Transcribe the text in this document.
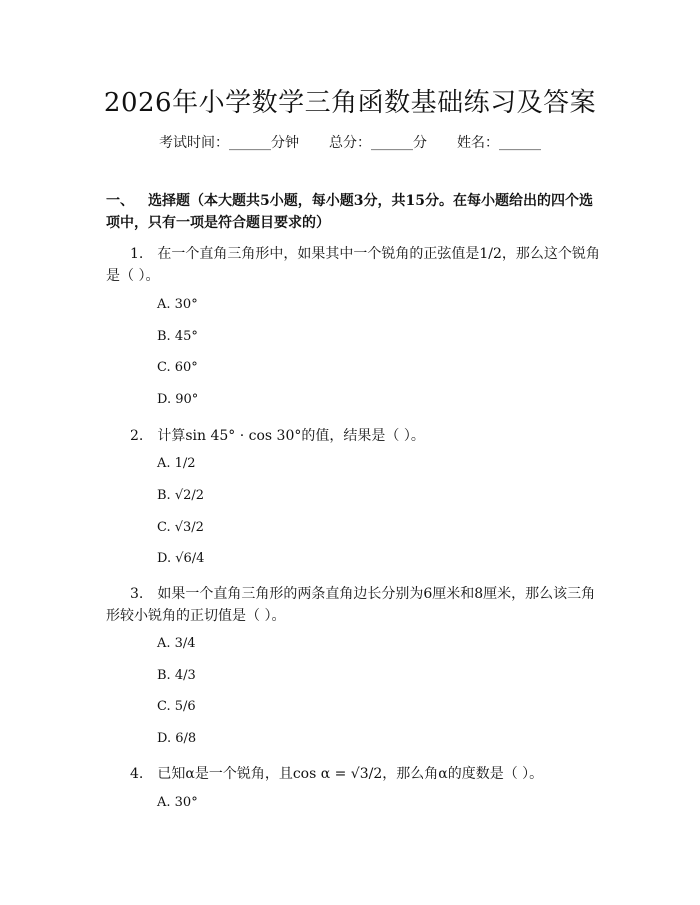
2026年小学数学三角函数基础练习及答案
考试时间：______分钟 总分：______分 姓名：______
一、 选择题（本大题共5小题，每小题3分，共15分。在每小题给出的四个选项中，只有一项是符合题目要求的）
1. 在一个直角三角形中，如果其中一个锐角的正弦值是1/2，那么这个锐角是（ ）。
A. 30°
B. 45°
C. 60°
D. 90°
2. 计算sin 45° · cos 30°的值，结果是（ ）。
A. 1/2
B. √2/2
C. √3/2
D. √6/4
3. 如果一个直角三角形的两条直角边长分别为6厘米和8厘米，那么该三角形较小锐角的正切值是（ ）。
A. 3/4
B. 4/3
C. 5/6
D. 6/8
4. 已知α是一个锐角，且cos α = √3/2，那么角α的度数是（ ）。
A. 30°
